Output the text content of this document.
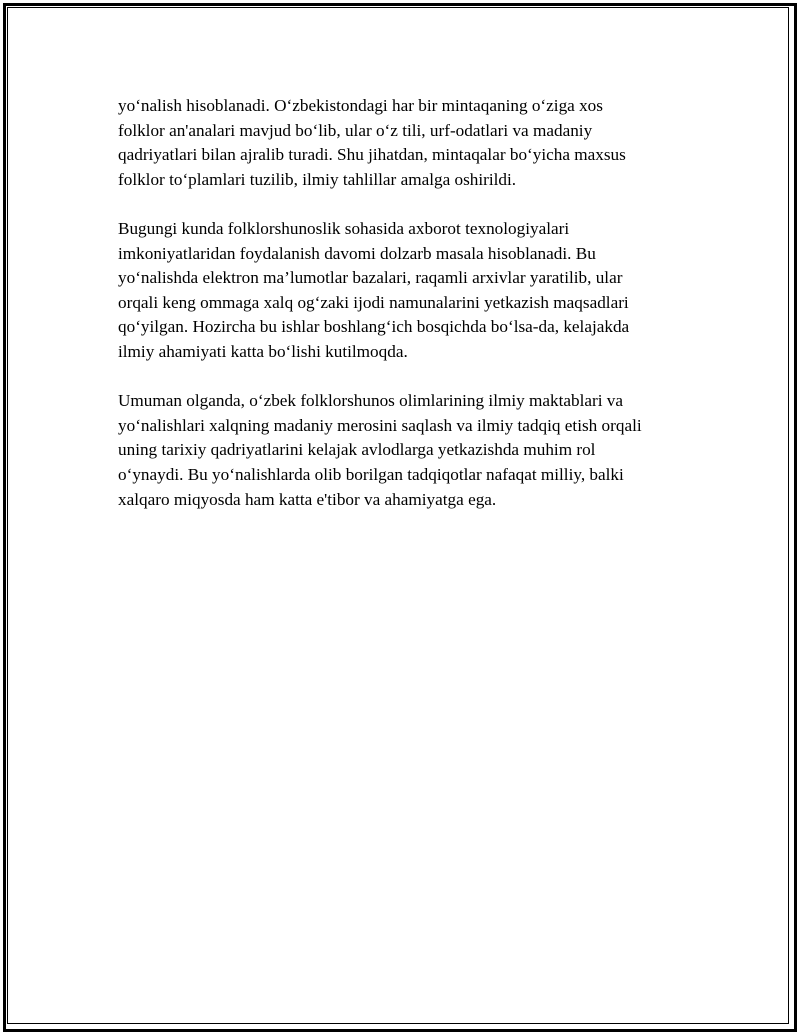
yo‘nalish hisoblanadi. O‘zbekistondagi har bir mintaqaning o‘ziga xos
folklor an'analari mavjud bo‘lib, ular o‘z tili, urf-odatlari va madaniy
qadriyatlari bilan ajralib turadi. Shu jihatdan, mintaqalar bo‘yicha maxsus
folklor to‘plamlari tuzilib, ilmiy tahlillar amalga oshirildi.

Bugungi kunda folklorshunoslik sohasida axborot texnologiyalari
imkoniyatlaridan foydalanish davomi dolzarb masala hisoblanadi. Bu
yo‘nalishda elektron ma’lumotlar bazalari, raqamli arxivlar yaratilib, ular
orqali keng ommaga xalq og‘zaki ijodi namunalarini yetkazish maqsadlari
qo‘yilgan. Hozircha bu ishlar boshlang‘ich bosqichda bo‘lsa-da, kelajakda
ilmiy ahamiyati katta bo‘lishi kutilmoqda.

Umuman olganda, o‘zbek folklorshunos olimlarining ilmiy maktablari va
yo‘nalishlari xalqning madaniy merosini saqlash va ilmiy tadqiq etish orqali
uning tarixiy qadriyatlarini kelajak avlodlarga yetkazishda muhim rol
o‘ynaydi. Bu yo‘nalishlarda olib borilgan tadqiqotlar nafaqat milliy, balki
xalqaro miqyosda ham katta e'tibor va ahamiyatga ega.
